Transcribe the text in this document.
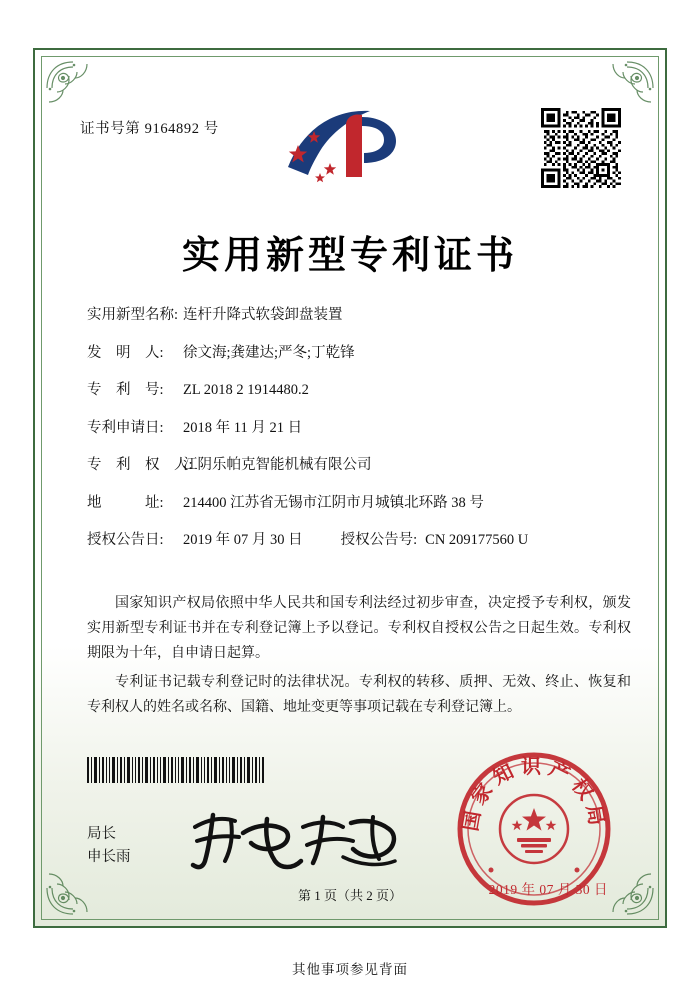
证书号第 9164892 号
实用新型专利证书
实用新型名称: 连杆升降式软袋卸盘装置
发　明　人:	徐文海;龚建达;严冬;丁乾锋
专　利　号:	ZL 2018 2 1914480.2
专利申请日:	2018 年 11 月 21 日
专　利　权　人:
江阴乐帕克智能机械有限公司
地　　　址:	214400 江苏省无锡市江阴市月城镇北环路 38 号
授权公告日:	2019 年 07 月 30 日	授权公告号: CN 209177560 U

国家知识产权局依照中华人民共和国专利法经过初步审查，决定授予专利权，颁发实用新型专利证书并在专利登记簿上予以登记。专利权自授权公告之日起生效。专利权期限为十年，自申请日起算。

专利证书记载专利登记时的法律状况。专利权的转移、质押、无效、终止、恢复和专利权人的姓名或名称、国籍、地址变更等事项记载在专利登记簿上。

局长
申长雨
国家知识产权局
2019 年 07 月 30 日
第 1 页（共 2 页）
其他事项参见背面
